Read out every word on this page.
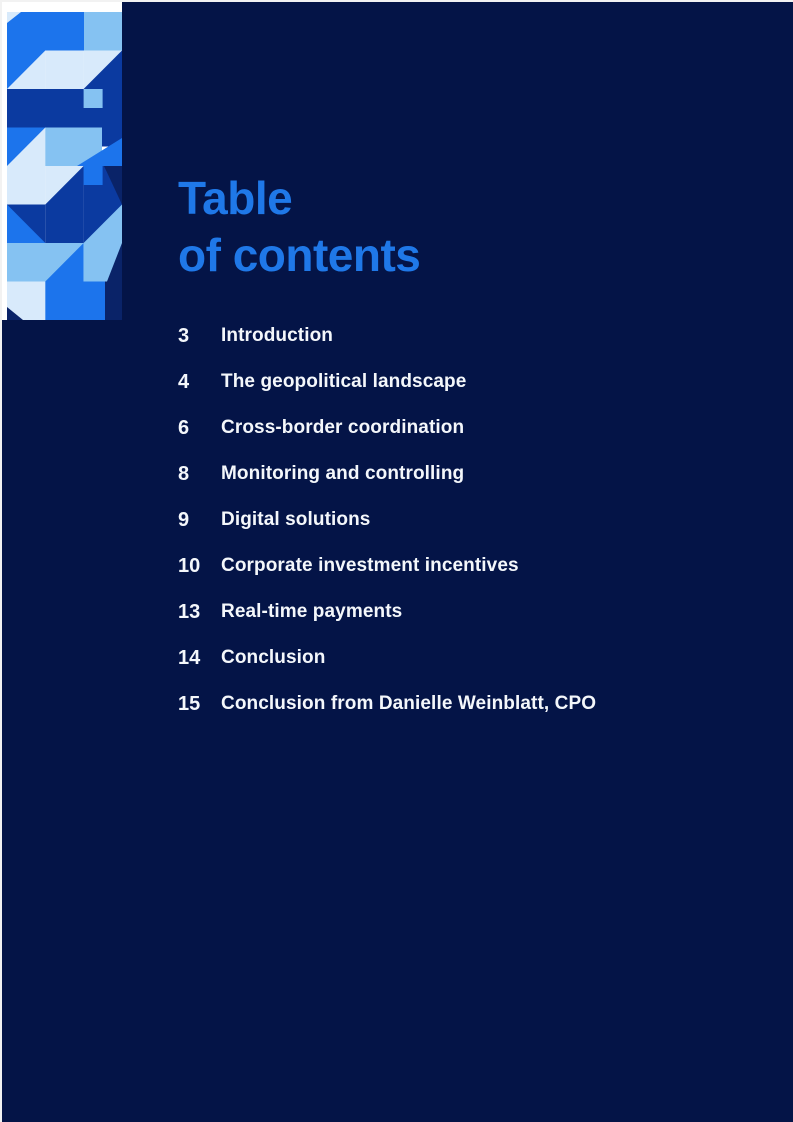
Table
of contents
3	Introduction
4	The geopolitical landscape
6	Cross-border coordination
8	Monitoring and controlling
9	Digital solutions
10	Corporate investment incentives
13	Real-time payments
14	Conclusion
15	Conclusion from Danielle Weinblatt, CPO
